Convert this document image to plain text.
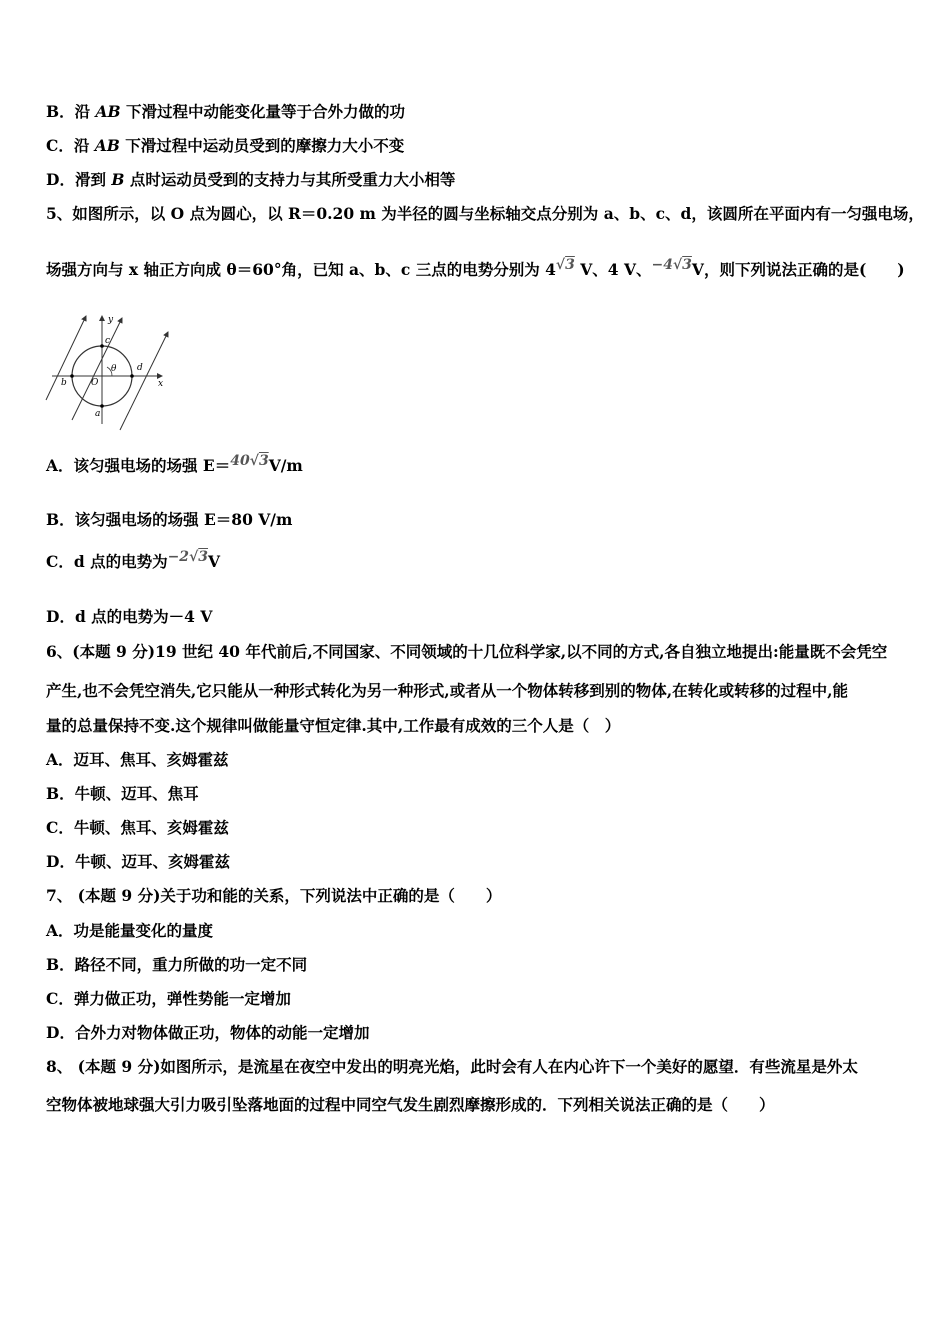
B．沿 AB 下滑过程中动能变化量等于合外力做的功
C．沿 AB 下滑过程中运动员受到的摩擦力大小不变
D．滑到 B 点时运动员受到的支持力与其所受重力大小相等
5、如图所示，以 O 点为圆心，以 R＝0.20 m 为半径的圆与坐标轴交点分别为 a、b、c、d，该圆所在平面内有一匀强电场，
场强方向与 x 轴正方向成 θ＝60°角，已知 a、b、c 三点的电势分别为 4√3 V、4 V、−4√3V，则下列说法正确的是(　　)
y
x
c
d
b	O
a
θ
A．该匀强电场的场强 E＝40√3V/m
B．该匀强电场的场强 E＝80 V/m
C．d 点的电势为−2√3V
D．d 点的电势为－4 V
6、(本题 9 分)19 世纪 40 年代前后,不同国家、不同领域的十几位科学家,以不同的方式,各自独立地提出:能量既不会凭空
产生,也不会凭空消失,它只能从一种形式转化为另一种形式,或者从一个物体转移到别的物体,在转化或转移的过程中,能
量的总量保持不变.这个规律叫做能量守恒定律.其中,工作最有成效的三个人是（　）
A．迈耳、焦耳、亥姆霍兹
B．牛顿、迈耳、焦耳
C．牛顿、焦耳、亥姆霍兹
D．牛顿、迈耳、亥姆霍兹
7、 (本题 9 分)关于功和能的关系，下列说法中正确的是（　　）
A．功是能量变化的量度
B．路径不同，重力所做的功一定不同
C．弹力做正功，弹性势能一定增加
D．合外力对物体做正功，物体的动能一定增加
8、 (本题 9 分)如图所示，是流星在夜空中发出的明亮光焰，此时会有人在内心许下一个美好的愿望．有些流星是外太
空物体被地球强大引力吸引坠落地面的过程中同空气发生剧烈摩擦形成的．下列相关说法正确的是（　　）
